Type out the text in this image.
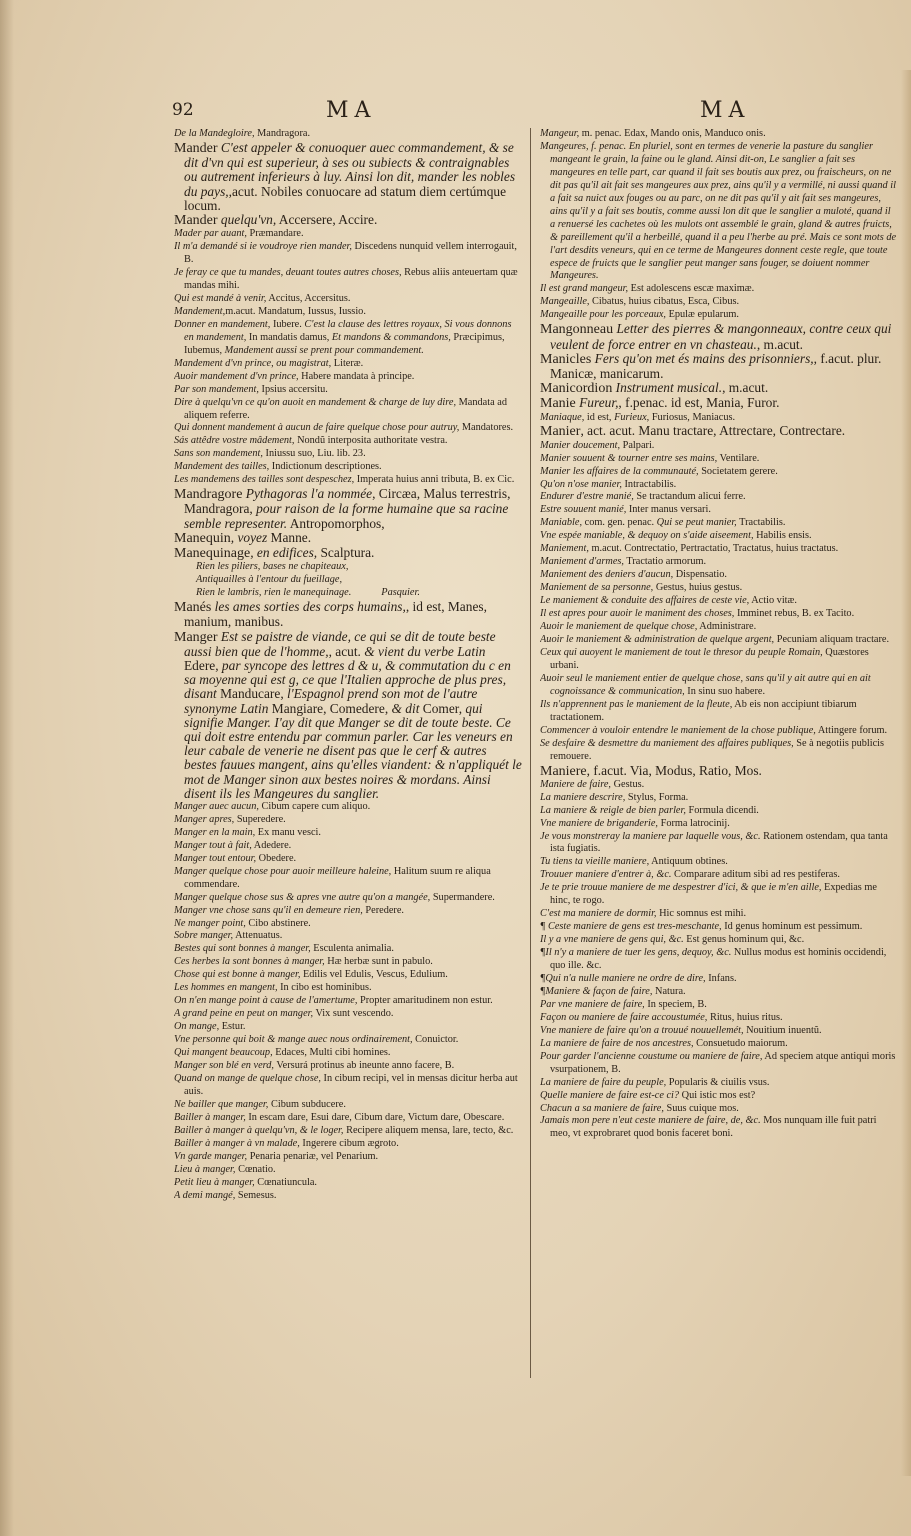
92	MA	MA

De la Mandegloire, Mandragora.

Mander C'est appeler & conuoquer auec commandement, & se dit d'vn qui est superieur, à ses ou subiects & contraignables ou autrement inferieurs à luy. Ainsi lon dit, mander les nobles du pays,,acut. Nobiles conuocare ad statum diem certúmque locum.

Mander quelqu'vn, Accersere, Accire.

Mader par auant, Præmandare.

Il m'a demandé si ie voudroye rien mander, Discedens nunquid vellem interrogauit, B.

Je feray ce que tu mandes, deuant toutes autres choses, Rebus aliis anteuertam quæ mandas mihi.

Qui est mandé à venir, Accitus, Accersitus.

Mandement,m.acut. Mandatum, Iussus, Iussio.

Donner en mandement, Iubere. C'est la clause des lettres royaux, Si vous donnons en mandement, In mandatis damus, Et mandons & commandons, Præcipimus, Iubemus, Mandement aussi se prent pour commandement.

Mandement d'vn prince, ou magistrat, Literæ.

Auoir mandement d'vn prince, Habere mandata à principe.

Par son mandement, Ipsius accersitu.

Dire à quelqu'vn ce qu'on auoit en mandement & charge de luy dire, Mandata ad aliquem referre.

Qui donnent mandement à aucun de faire quelque chose pour autruy, Mandatores.

Sás attêdre vostre mâdement, Nondũ interposita authoritate vestra.

Sans son mandement, Iniussu suo, Liu. lib. 23.

Mandement des tailles, Indictionum descriptiones.

Les mandemens des tailles sont despeschez, Imperata huius anni tributa, B. ex Cic.

Mandragore Pythagoras l'a nommée, Circæa, Malus terrestris, Mandragora, pour raison de la forme humaine que sa racine semble representer. Antropomorphos,

Manequin, voyez Manne.

Manequinage, en edifices, Scalptura.

Rien les piliers, bases ne chapiteaux,

Antiquailles à l'entour du fueillage,

Rien le lambris, rien le manequinage.	Pasquier.

Manés les ames sorties des corps humains,, id est, Manes, manium, manibus.

Manger Est se paistre de viande, ce qui se dit de toute beste aussi bien que de l'homme,, acut. & vient du verbe Latin Edere, par syncope des lettres d & u, & commutation du c en sa moyenne qui est g, ce que l'Italien approche de plus pres, disant Manducare, l'Espagnol prend son mot de l'autre synonyme Latin Mangiare, Comedere, & dit Comer, qui signifie Manger. I'ay dit que Manger se dit de toute beste. Ce qui doit estre entendu par commun parler. Car les veneurs en leur cabale de venerie ne disent pas que le cerf & autres bestes fauues mangent, ains qu'elles viandent: & n'appliquét le mot de Manger sinon aux bestes noires & mordans. Ainsi disent ils les Mangeures du sanglier.

Manger auec aucun, Cibum capere cum aliquo.

Manger apres, Superedere.

Manger en la main, Ex manu vesci.

Manger tout à fait, Adedere.

Manger tout entour, Obedere.

Manger quelque chose pour auoir meilleure haleine, Halitum suum re aliqua commendare.

Manger quelque chose sus & apres vne autre qu'on a mangée, Supermandere.

Manger vne chose sans qu'il en demeure rien, Peredere.

Ne manger point, Cibo abstinere.

Sobre manger, Attenuatus.

Bestes qui sont bonnes à manger, Esculenta animalia.

Ces herbes la sont bonnes à manger, Hæ herbæ sunt in pabulo.

Chose qui est bonne à manger, Edilis vel Edulis, Vescus, Edulium.

Les hommes en mangent, In cibo est hominibus.

On n'en mange point à cause de l'amertume, Propter amaritudinem non estur.

A grand peine en peut on manger, Vix sunt vescendo.

On mange, Estur.

Vne personne qui boit & mange auec nous ordinairement, Conuictor.

Qui mangent beaucoup, Edaces, Multi cibi homines.

Manger son blé en verd, Versurá protinus ab ineunte anno facere, B.

Quand on mange de quelque chose, In cibum recipi, vel in mensas dicitur herba aut auis.

Ne bailler que manger, Cibum subducere.

Bailler à manger, In escam dare, Esui dare, Cibum dare, Victum dare, Obescare.

Bailler à manger à quelqu'vn, & le loger, Recipere aliquem mensa, lare, tecto, &c.

Bailler à manger à vn malade, Ingerere cibum ægroto.

Vn garde manger, Penaria penariæ, vel Penarium.

Lieu à manger, Cœnatio.

Petit lieu à manger, Cœnatiuncula.

A demi mangé, Semesus.

Mangeur, m. penac. Edax, Mando onis, Manduco onis.

Mangeures, f. penac. En pluriel, sont en termes de venerie la pasture du sanglier mangeant le grain, la faine ou le gland. Ainsi dit-on, Le sanglier a fait ses mangeures en telle part, car quand il fait ses boutis aux prez, ou fraischeurs, on ne dit pas qu'il ait fait ses mangeures aux prez, ains qu'il y a vermillé, ni aussi quand il a fait sa nuict aux fouges ou au parc, on ne dit pas qu'il y ait fait ses mangeures, ains qu'il y a fait ses boutis, comme aussi lon dit que le sanglier a muloté, quand il a renuersé les cachetes où les mulots ont assemblé le grain, gland & autres fruicts, & pareillement qu'il a herbeillé, quand il a peu l'herbe au pré. Mais ce sont mots de l'art desdits veneurs, qui en ce terme de Mangeures donnent ceste regle, que toute espece de fruicts que le sanglier peut manger sans fouger, se doiuent nommer Mangeures.

Il est grand mangeur, Est adolescens escæ maximæ.

Mangeaille, Cibatus, huius cibatus, Esca, Cibus.

Mangeaille pour les porceaux, Epulæ epularum.

Mangonneau Letter des pierres & mangonneaux, contre ceux qui veulent de force entrer en vn chasteau., m.acut.

Manicles Fers qu'on met és mains des prisonniers,, f.acut. plur. Manicæ, manicarum.

Manicordion Instrument musical., m.acut.

Manie Fureur,, f.penac. id est, Mania, Furor.

Maniaque, id est, Furieux, Furiosus, Maniacus.

Manier, act. acut. Manu tractare, Attrectare, Contrectare.

Manier doucement, Palpari.

Manier souuent & tourner entre ses mains, Ventilare.

Manier les affaires de la communauté, Societatem gerere.

Qu'on n'ose manier, Intractabilis.

Endurer d'estre manié, Se tractandum alicui ferre.

Estre souuent manié, Inter manus versari.

Maniable, com. gen. penac. Qui se peut manier, Tractabilis.

Vne espée maniable, & dequoy on s'aide aiseement, Habilis ensis.

Maniement, m.acut. Contrectatio, Pertractatio, Tractatus, huius tractatus.

Maniement d'armes, Tractatio armorum.

Maniement des deniers d'aucun, Dispensatio.

Maniement de sa personne, Gestus, huius gestus.

Le maniement & conduite des affaires de ceste vie, Actio vitæ.

Il est apres pour auoir le maniment des choses, Imminet rebus, B. ex Tacito.

Auoir le maniement de quelque chose, Administrare.

Auoir le maniement & administration de quelque argent, Pecuniam aliquam tractare.

Ceux qui auoyent le maniement de tout le thresor du peuple Romain, Quæstores urbani.

Auoir seul le maniement entier de quelque chose, sans qu'il y ait autre qui en ait cognoissance & communication, In sinu suo habere.

Ils n'apprennent pas le maniement de la fleute, Ab eis non accipiunt tibiarum tractationem.

Commencer à vouloir entendre le maniement de la chose publique, Attingere forum.

Se desfaire & desmettre du maniement des affaires publiques, Se à negotiis publicis remouere.

Maniere, f.acut. Via, Modus, Ratio, Mos.

Maniere de faire, Gestus.

La maniere descrire, Stylus, Forma.

La maniere & reigle de bien parler, Formula dicendi.

Vne maniere de briganderie, Forma latrocinij.

Je vous monstreray la maniere par laquelle vous, &c. Rationem ostendam, qua tanta ista fugiatis.

Tu tiens ta vieille maniere, Antiquum obtines.

Trouuer maniere d'entrer à, &c. Comparare aditum sibi ad res pestiferas.

Je te prie trouue maniere de me despestrer d'ici, & que ie m'en aille, Expedias me hinc, te rogo.

C'est ma maniere de dormir, Hic somnus est mihi.

¶ Ceste maniere de gens est tres-meschante, Id genus hominum est pessimum.

Il y a vne maniere de gens qui, &c. Est genus hominum qui, &c.

¶Il n'y a maniere de tuer les gens, dequoy, &c. Nullus modus est hominis occidendi, quo ille. &c.

¶Qui n'a nulle maniere ne ordre de dire, Infans.

¶Maniere & façon de faire, Natura.

Par vne maniere de faire, In speciem, B.

Façon ou maniere de faire accoustumée, Ritus, huius ritus.

Vne maniere de faire qu'on a trouué nouuellemét, Nouitium inuentũ.

La maniere de faire de nos ancestres, Consuetudo maiorum.

Pour garder l'ancienne coustume ou maniere de faire, Ad speciem atque antiqui moris vsurpationem, B.

La maniere de faire du peuple, Popularis & ciuilis vsus.

Quelle maniere de faire est-ce ci? Qui istic mos est?

Chacun a sa maniere de faire, Suus cuique mos.

Jamais mon pere n'eut ceste maniere de faire, de, &c. Mos nunquam ille fuit patri meo, vt exprobraret quod bonis faceret boni.
